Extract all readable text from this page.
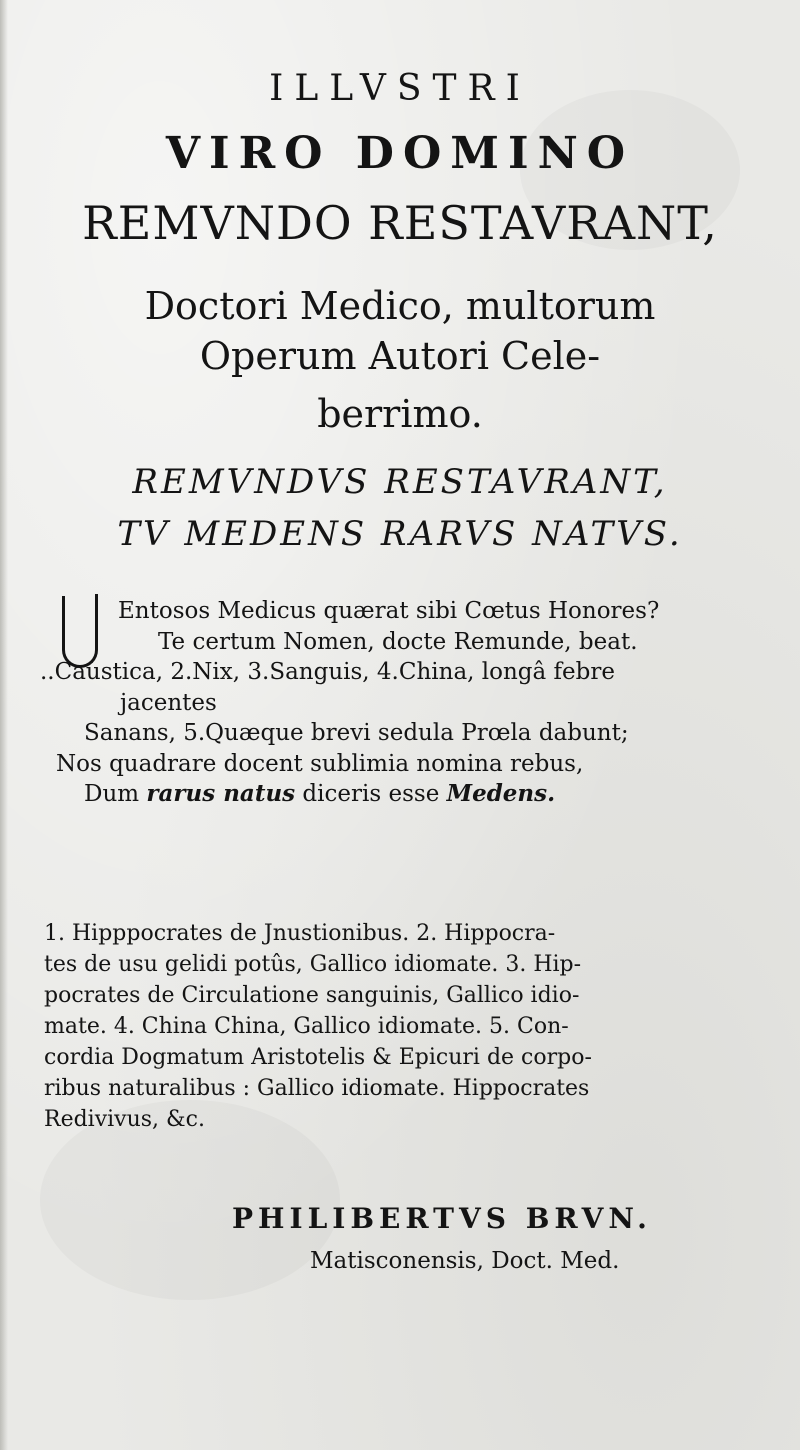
ILLVSTRI
VIRO DOMINO
REMVNDO RESTAVRANT,
Doctori Medico, multorum
Operum Autori Cele-
berrimo.
REMVNDVS RESTAVRANT,
TV MEDENS RARVS NATVS.
Entosos Medicus quærat sibi Cœtus Honores?
Te certum Nomen, docte Remunde, beat.
..Caustica, 2.Nix, 3.Sanguis, 4.China, longâ febre
jacentes
Sanans, 5.Quæque brevi sedula Prœla dabunt;
Nos quadrare docent sublimia nomina rebus,
Dum rarus natus diceris esse Medens.
1. Hipppocrates de Jnustionibus. 2. Hippocra-
tes de usu gelidi potûs, Gallico idiomate. 3. Hip-
pocrates de Circulatione sanguinis, Gallico idio-
mate. 4. China China, Gallico idiomate. 5. Con-
cordia Dogmatum Aristotelis & Epicuri de corpo-
ribus naturalibus : Gallico idiomate. Hippocrates
Redivivus, &c.
PHILIBERTVS BRVN.
Matisconensis, Doct. Med.
